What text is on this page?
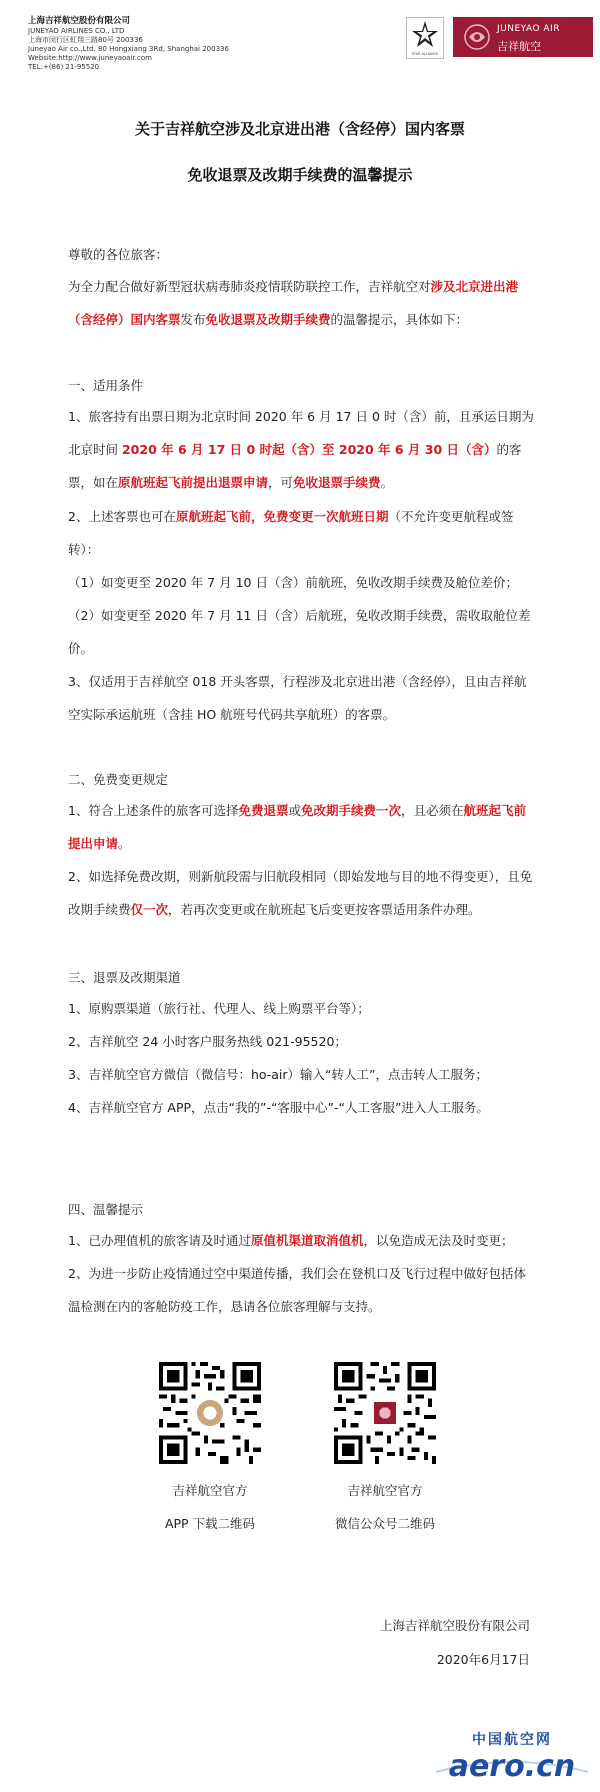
上海吉祥航空股份有限公司
JUNEYAO AIRLINES CO., LTD
上海市闵行区虹翔三路80号 200336
Juneyao Air co.,Ltd. 80 Hongxiang 3Rd, Shanghai 200336
Website:http://www.juneyaoair.com
TEL:+(86) 21-95520
STAR ALLIANCE
JUNEYAO AIR
吉祥航空
关于吉祥航空涉及北京进出港（含经停）国内客票
免收退票及改期手续费的温馨提示
尊敬的各位旅客：
为全力配合做好新型冠状病毒肺炎疫情联防联控工作，吉祥航空对涉及北京进出港（含经停）国内客票发布免收退票及改期手续费的温馨提示，具体如下：
一、适用条件
1、旅客持有出票日期为北京时间 2020 年 6 月 17 日 0 时（含）前，且承运日期为北京时间 2020 年 6 月 17 日 0 时起（含）至 2020 年 6 月 30 日（含）的客票，如在原航班起飞前提出退票申请，可免收退票手续费。
2、上述客票也可在原航班起飞前，免费变更一次航班日期（不允许变更航程或签转）：
（1）如变更至 2020 年 7 月 10 日（含）前航班，免收改期手续费及舱位差价；
（2）如变更至 2020 年 7 月 11 日（含）后航班，免收改期手续费，需收取舱位差价。
3、仅适用于吉祥航空 018 开头客票，行程涉及北京进出港（含经停），且由吉祥航空实际承运航班（含挂 HO 航班号代码共享航班）的客票。
二、免费变更规定
1、符合上述条件的旅客可选择免费退票或免改期手续费一次，且必须在航班起飞前提出申请。
2、如选择免费改期，则新航段需与旧航段相同（即始发地与目的地不得变更），且免改期手续费仅一次，若再次变更或在航班起飞后变更按客票适用条件办理。
三、退票及改期渠道
1、原购票渠道（旅行社、代理人、线上购票平台等）；
2、吉祥航空 24 小时客户服务热线 021-95520；
3、吉祥航空官方微信（微信号：ho-air）输入“转人工”，点击转人工服务；
4、吉祥航空官方 APP，点击“我的”-“客服中心”-“人工客服”进入人工服务。
四、温馨提示
1、已办理值机的旅客请及时通过原值机渠道取消值机，以免造成无法及时变更；
2、为进一步防止疫情通过空中渠道传播，我们会在登机口及飞行过程中做好包括体温检测在内的客舱防疫工作，恳请各位旅客理解与支持。
吉祥航空官方
APP 下载二维码
吉祥航空官方
微信公众号二维码
上海吉祥航空股份有限公司
2020年6月17日
中国航空网
aero.cn
